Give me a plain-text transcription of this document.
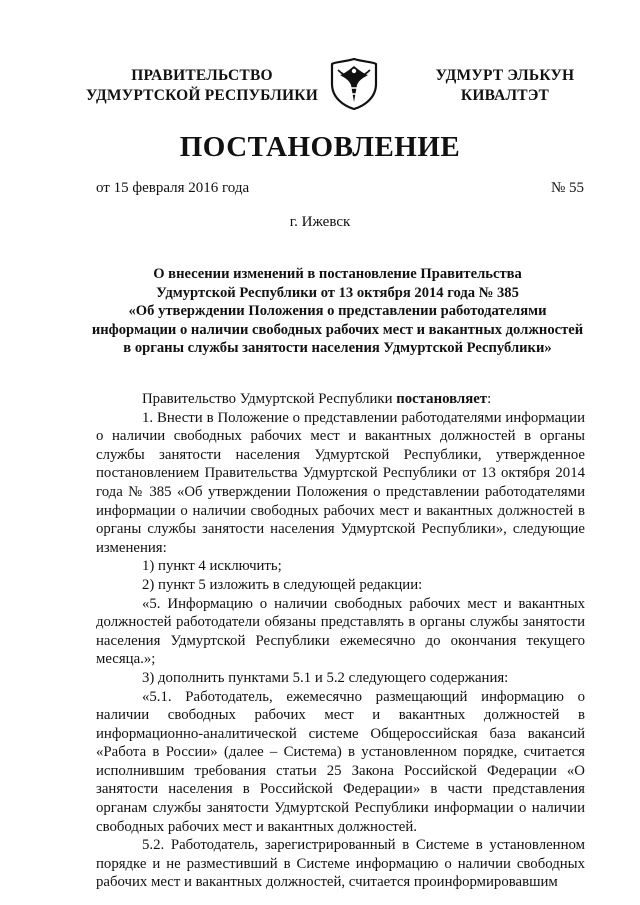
ПРАВИТЕЛЬСТВО
УДМУРТСКОЙ РЕСПУБЛИКИ
УДМУРТ ЭЛЬКУН
КИВАЛТЭТ
ПОСТАНОВЛЕНИЕ
от 15 февраля 2016 года	№ 55
г. Ижевск
О внесении изменений в постановление Правительства
Удмуртской Республики от 13 октября 2014 года № 385
«Об утверждении Положения о представлении работодателями
информации о наличии свободных рабочих мест и вакантных должностей
в органы службы занятости населения Удмуртской Республики»

Правительство Удмуртской Республики постановляет:

1. Внести в Положение о представлении работодателями информации о наличии свободных рабочих мест и вакантных должностей в органы службы занятости населения Удмуртской Республики, утвержденное постановлением Правительства Удмуртской Республики от 13 октября 2014 года № 385 «Об утверждении Положения о представлении работодателями информации о наличии свободных рабочих мест и вакантных должностей в органы службы занятости населения Удмуртской Республики», следующие изменения:

1) пункт 4 исключить;

2) пункт 5 изложить в следующей редакции:

«5. Информацию о наличии свободных рабочих мест и вакантных должностей работодатели обязаны представлять в органы службы занятости населения Удмуртской Республики ежемесячно до окончания текущего месяца.»;

3) дополнить пунктами 5.1 и 5.2 следующего содержания:

«5.1. Работодатель, ежемесячно размещающий информацию о наличии свободных рабочих мест и вакантных должностей в информационно-аналитической системе Общероссийская база вакансий «Работа в России» (далее – Система) в установленном порядке, считается исполнившим требования статьи 25 Закона Российской Федерации «О занятости населения в Российской Федерации» в части представления органам службы занятости Удмуртской Республики информации о наличии свободных рабочих мест и вакантных должностей.

5.2. Работодатель, зарегистрированный в Системе в установленном порядке и не разместивший в Системе информацию о наличии свободных рабочих мест и вакантных должностей, считается проинформировавшим
